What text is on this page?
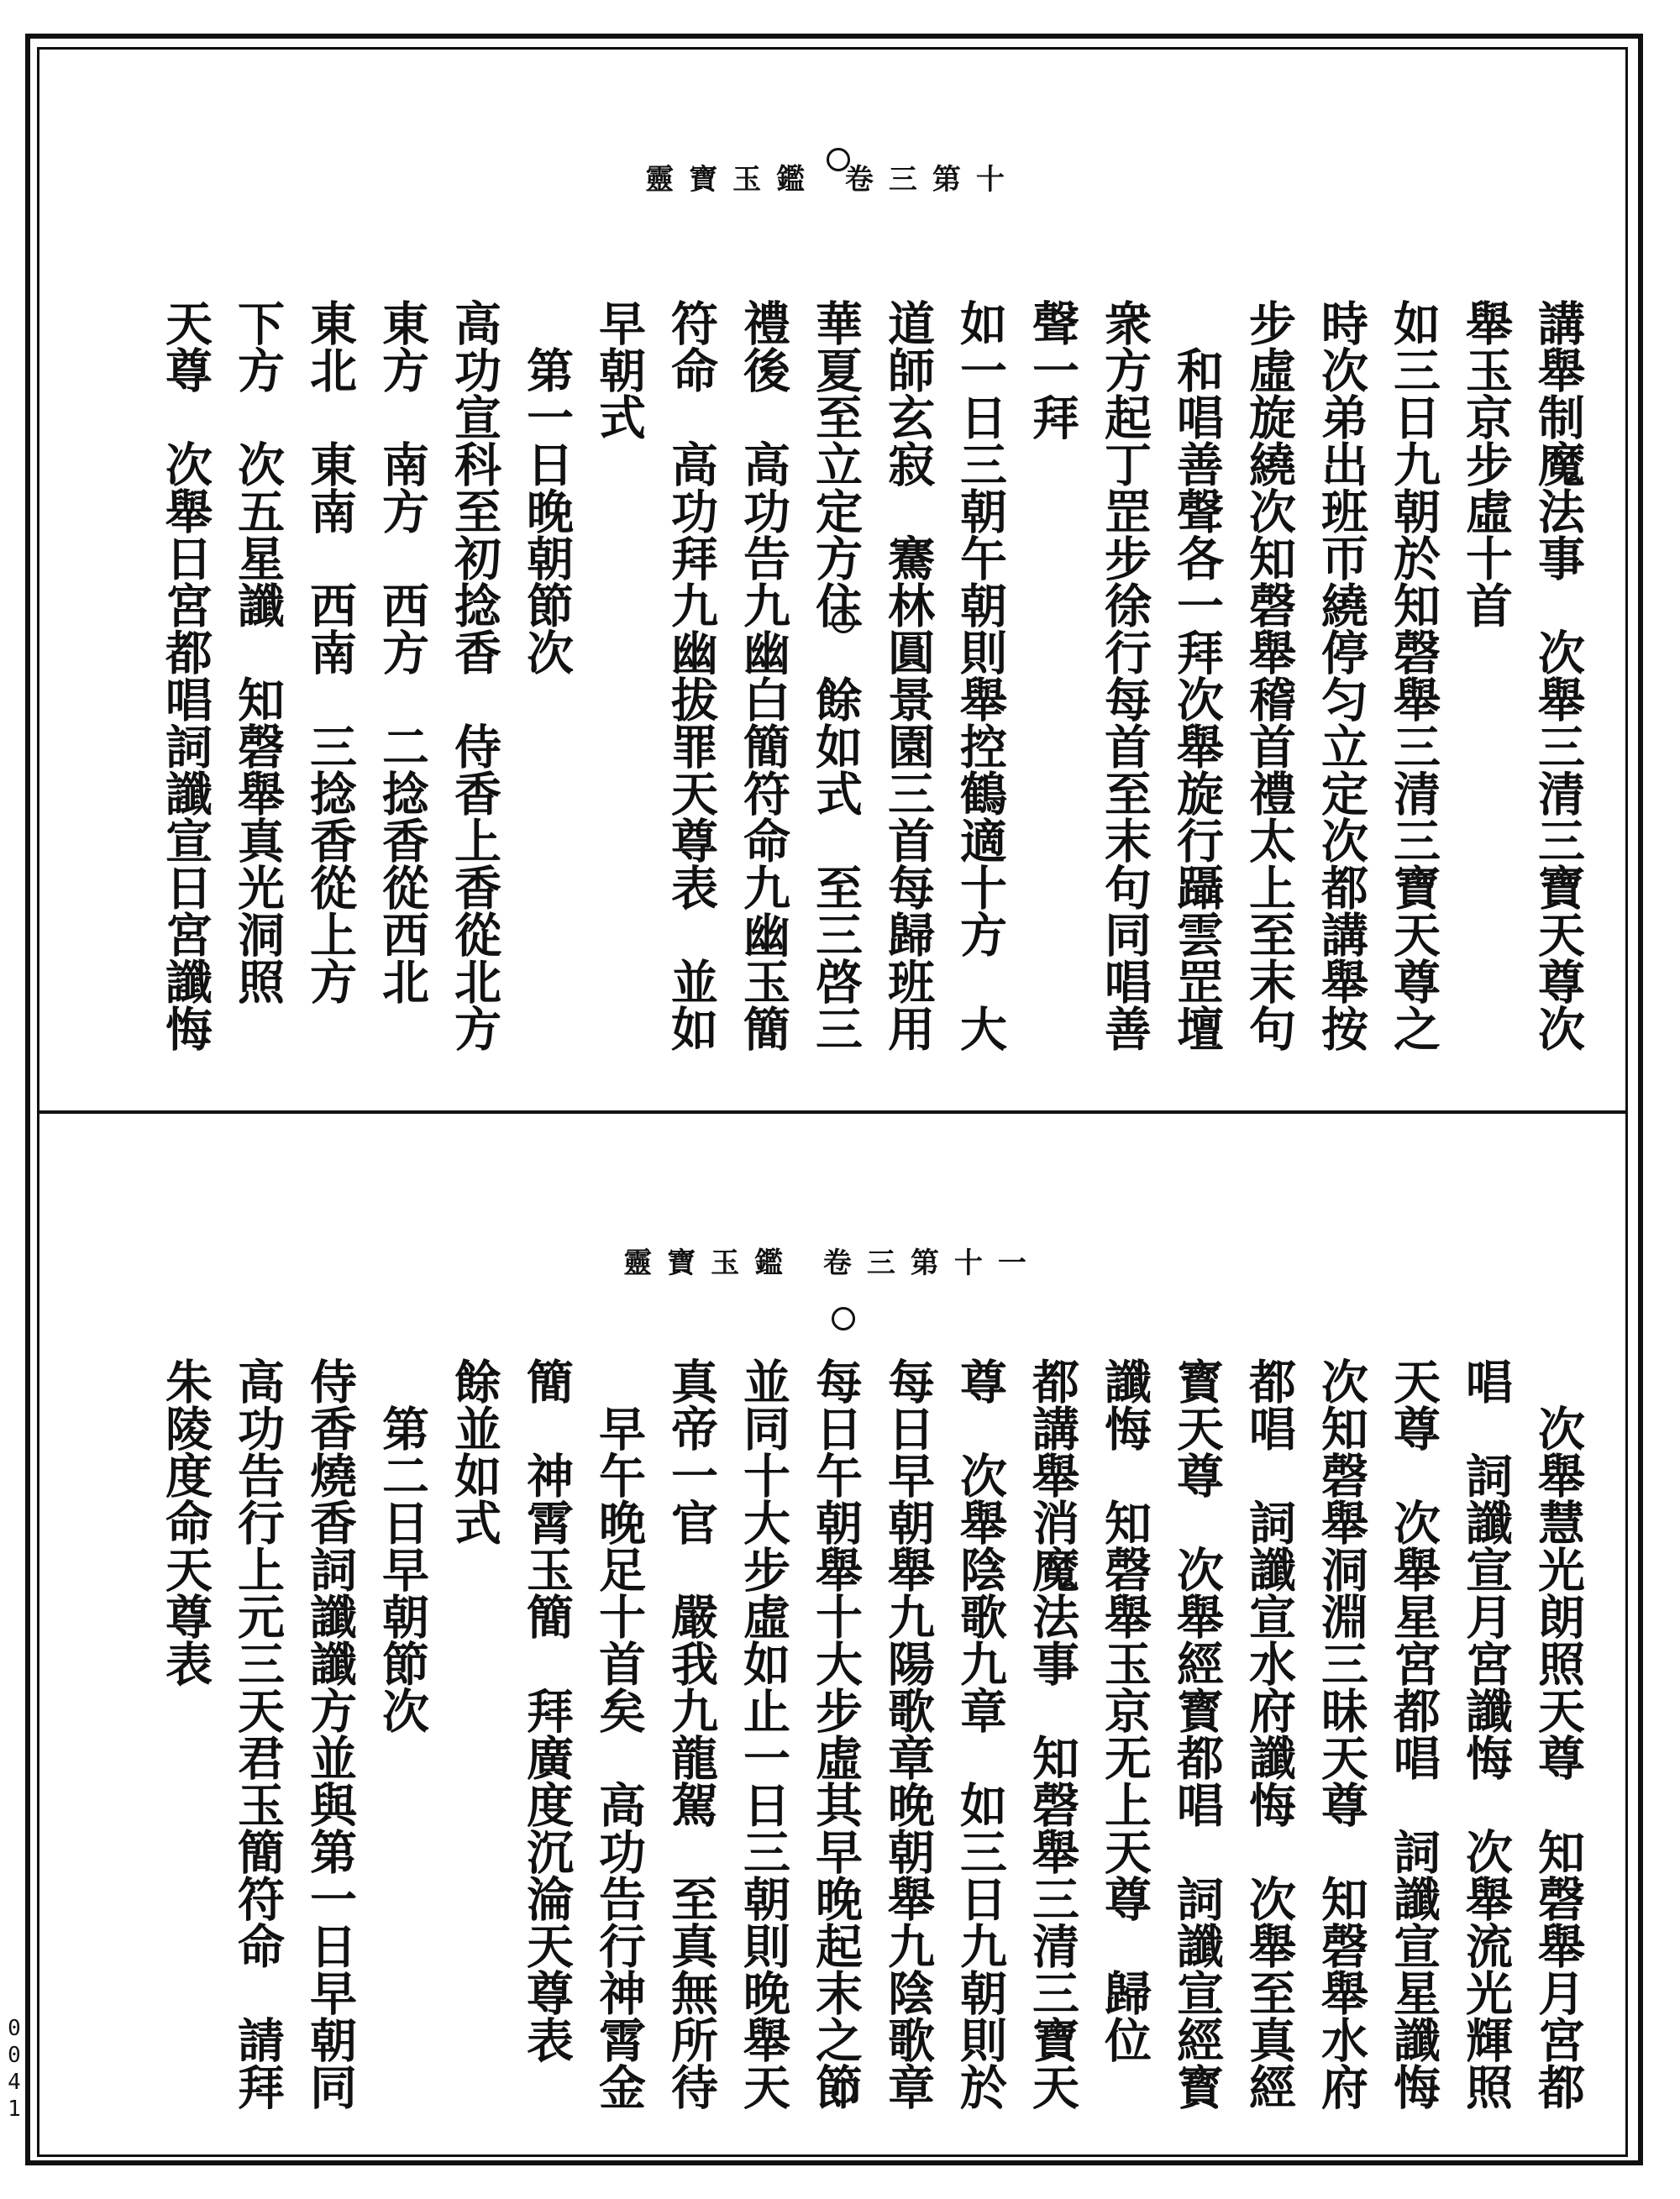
靈寶玉鑑 卷三第十
講舉制魔法事　次舉三清三寶天尊次
舉玉京步虛十首
如三日九朝於知磬舉三清三寶天尊之
時次弟出班帀繞停匀立定次都講舉按
步虛旋繞次知磬舉稽首禮太上至末句
　和唱善聲各一拜次舉旋行躡雲罡壇
衆方起丁罡步徐行每首至末句同唱善
聲一拜
如一日三朝午朝則舉控鶴適十方　大
道師玄寂　騫林圓景園三首每歸班用
華夏至立定方住　餘如式　至三啓三
禮後　高功告九幽白簡符命九幽玉簡
符命　高功拜九幽拔罪天尊表　並如
早朝式
　第一日晚朝節次
高功宣科至初捻香　侍香上香從北方
東方　南方　西方　二捻香從西北
東北　東南　西南　三捻香從上方
下方　次五星讖　知磬舉真光洞照
天尊　次舉日宮都唱詞讖宣日宮讖悔
靈寶玉鑑 卷三第十一
　次舉慧光朗照天尊　知磬舉月宮都
唱　詞讖宣月宮讖悔　次舉流光輝照
天尊　次舉星宮都唱　詞讖宣星讖悔
次知磬舉洞淵三昧天尊　知磬舉水府
都唱　詞讖宣水府讖悔　次舉至真經
寳天尊　次舉經寳都唱　詞讖宣經寳
讖悔　知磬舉玉京无上天尊　歸位
都講舉消魔法事　知磬舉三清三寶天
尊　次舉陰歌九章　如三日九朝則於
每日早朝舉九陽歌章晚朝舉九陰歌章
每日午朝舉十大步虛其早晚起末之節
並同十大步虛如止一日三朝則晚舉天
真帝一官　嚴我九龍駕　至真無所待
　早午晚足十首矣　高功告行神霄金
簡　神霄玉簡　拜廣度沉淪天尊表
餘並如式
　第二日早朝節次
侍香燒香詞讖讖方並與第一日早朝同
高功告行上元三天君玉簡符命　請拜
朱陵度命天尊表
0041
